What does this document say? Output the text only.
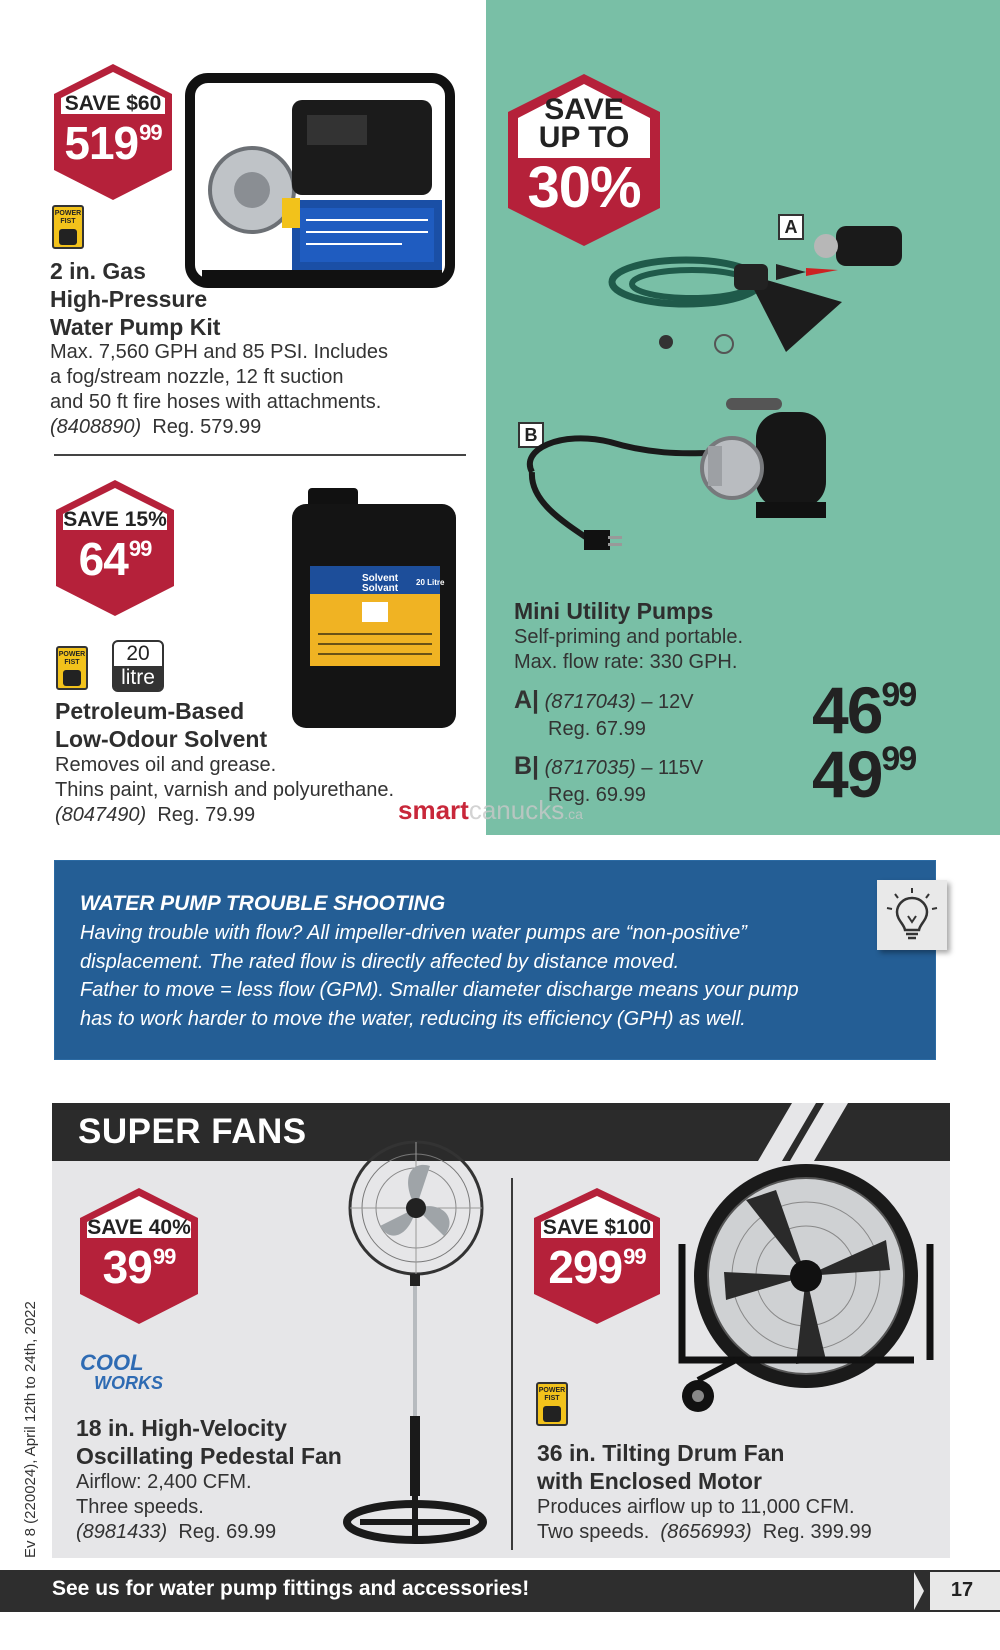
SAVE $60
$519^{99}$
POWER FIST
2 in. Gas
High-Pressure
Water Pump Kit
Max. 7,560 GPH and 85 PSI. Includes
a fog/stream nozzle, 12 ft suction
and 50 ft fire hoses with attachments.
(8408890) Reg. 579.99
SAVE 15%
$64^{99}$
POWER FIST	20
litre
Solvent
Solvant
20 Litre
Petroleum-Based
Low-Odour Solvent
Removes oil and grease.
Thins paint, varnish and polyurethane.
(8047490) Reg. 79.99
SAVE
UP TO
30%
A
B
Mini Utility Pumps
Self-priming and portable.
Max. flow rate: 330 GPH.
A| (8717043) – 12V
Reg. 67.99	$46^{99}$
B| (8717035) – 115V
Reg. 69.99	$49^{99}$
smartcanucks.ca
WATER PUMP TROUBLE SHOOTING
Having trouble with flow? All impeller-driven water pumps are “non-positive”
displacement. The rated flow is directly affected by distance moved.
Father to move = less flow (GPM). Smaller diameter discharge means your pump
has to work harder to move the water, reducing its efficiency (GPH) as well.
SUPER FANS
SAVE 40%
$39^{99}$
COOL
WORKS
18 in. High-Velocity
Oscillating Pedestal Fan
Airflow: 2,400 CFM.
Three speeds.
(8981433) Reg. 69.99
SAVE $100
$299^{99}$
POWER FIST
36 in. Tilting Drum Fan
with Enclosed Motor
Produces airflow up to 11,000 CFM.
Two speeds. (8656993) Reg. 399.99
Ev 8 (220024), April 12th to 24th, 2022
See us for water pump fittings and accessories!	17
